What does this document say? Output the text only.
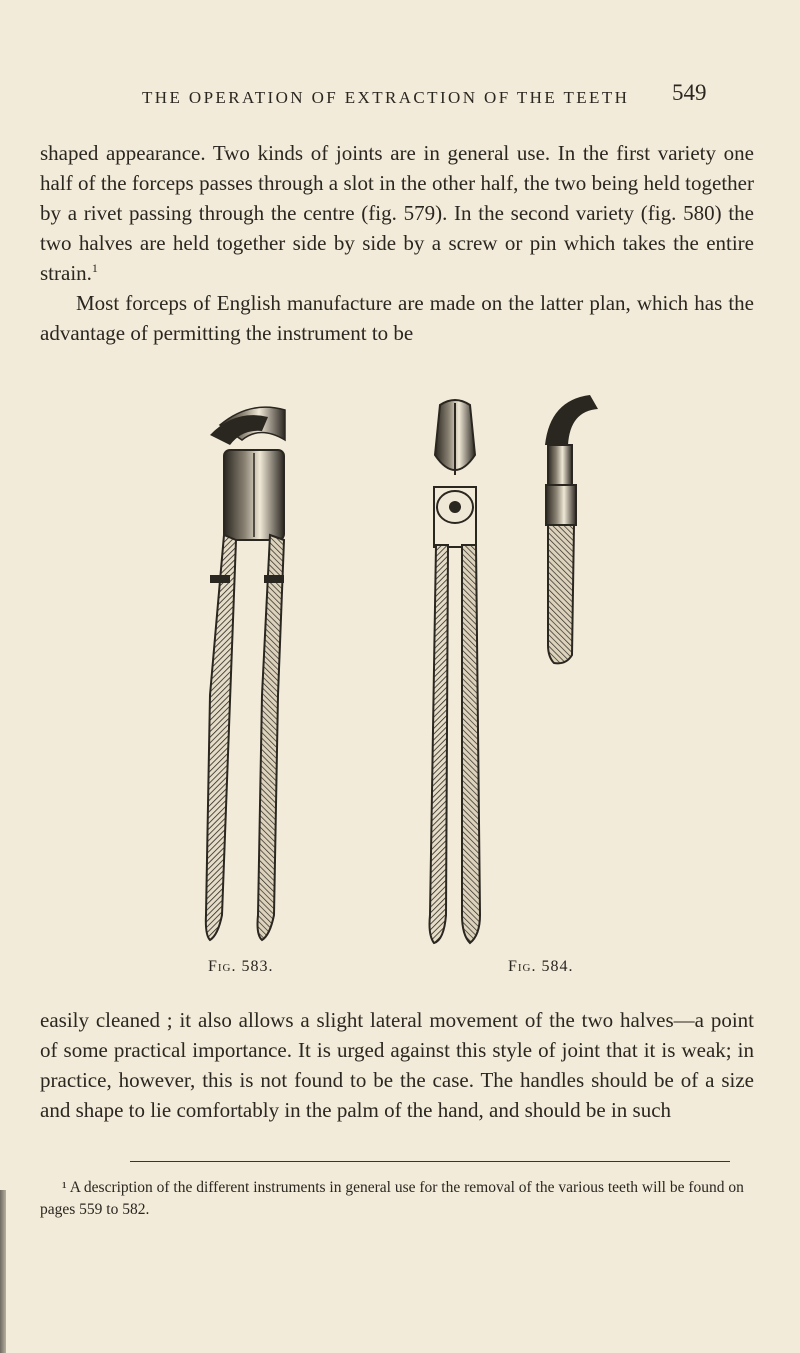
THE OPERATION OF EXTRACTION OF THE TEETH 549

shaped appearance. Two kinds of joints are in general use. In the first variety one half of the forceps passes through a slot in the other half, the two being held together by a rivet passing through the centre (fig. 579). In the second variety (fig. 580) the two halves are held together side by side by a screw or pin which takes the entire strain.$^1$

Most forceps of English manufacture are made on the latter plan, which has the advantage of permitting the instrument to be

Fig. 583.	Fig. 584.

easily cleaned ; it also allows a slight lateral movement of the two halves—a point of some practical importance. It is urged against this style of joint that it is weak; in practice, however, this is not found to be the case. The handles should be of a size and shape to lie comfortably in the palm of the hand, and should be in such

¹ A description of the different instruments in general use for the removal of the various teeth will be found on pages 559 to 582.
